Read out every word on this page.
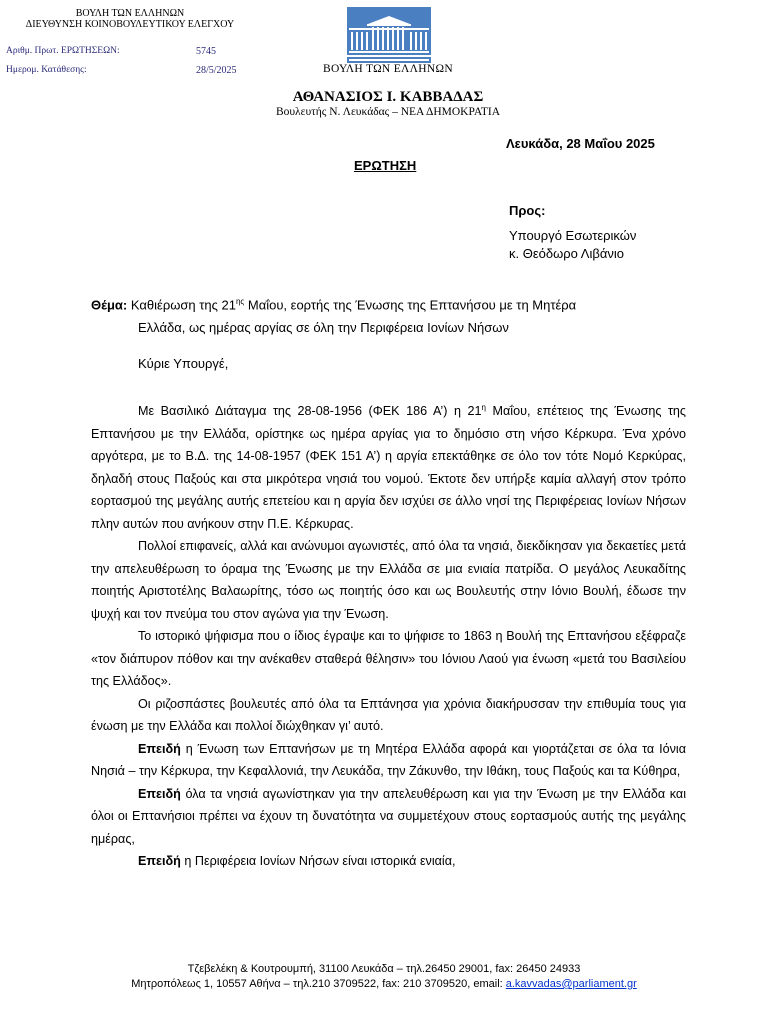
ΒΟΥΛΗ ΤΩΝ ΕΛΛΗΝΩΝ
ΔΙΕΥΘΥΝΣΗ ΚΟΙΝΟΒΟΥΛΕΥΤΙΚΟΥ ΕΛΕΓΧΟΥ
Αριθμ. Πρωτ. ΕΡΩΤΗΣΕΩΝ:	5745
Ημερομ. Κατάθεσης:	28/5/2025	ΒΟΥΛΗ ΤΩΝ ΕΛΛΗΝΩΝ
ΑΘΑΝΑΣΙΟΣ Ι. ΚΑΒΒΑΔΑΣ
Βουλευτής Ν. Λευκάδας – ΝΕΑ ΔΗΜΟΚΡΑΤΙΑ
Λευκάδα, 28 Μαΐου 2025
ΕΡΩΤΗΣΗ
Προς:
Υπουργό Εσωτερικών
κ. Θεόδωρο Λιβάνιο
Θέμα: Καθιέρωση της $21^{\eta\varsigma}$ Μαΐου, εορτής της Ένωσης της Επτανήσου με τη Μητέρα
Ελλάδα, ως ημέρας αργίας σε όλη την Περιφέρεια Ιονίων Νήσων
Κύριε Υπουργέ,

Με Βασιλικό Διάταγμα της 28-08-1956 (ΦΕΚ 186 Α’) η $21^\eta$ Μαΐου, επέτειος της Ένωσης της Επτανήσου με την Ελλάδα, ορίστηκε ως ημέρα αργίας για το δημόσιο στη νήσο Κέρκυρα. Ένα χρόνο αργότερα, με το Β.Δ. της 14-08-1957 (ΦΕΚ 151 Α’) η αργία επεκτάθηκε σε όλο τον τότε Νομό Κερκύρας, δηλαδή στους Παξούς και στα μικρότερα νησιά του νομού. Έκτοτε δεν υπήρξε καμία αλλαγή στον τρόπο εορτασμού της μεγάλης αυτής επετείου και η αργία δεν ισχύει σε άλλο νησί της Περιφέρειας Ιονίων Νήσων πλην αυτών που ανήκουν στην Π.Ε. Κέρκυρας.

Πολλοί επιφανείς, αλλά και ανώνυμοι αγωνιστές, από όλα τα νησιά, διεκδίκησαν για δεκαετίες μετά την απελευθέρωση το όραμα της Ένωσης με την Ελλάδα σε μια ενιαία πατρίδα. Ο μεγάλος Λευκαδίτης ποιητής Αριστοτέλης Βαλαωρίτης, τόσο ως ποιητής όσο και ως Βουλευτής στην Ιόνιο Βουλή, έδωσε την ψυχή και τον πνεύμα του στον αγώνα για την Ένωση.

Το ιστορικό ψήφισμα που ο ίδιος έγραψε και το ψήφισε το 1863 η Βουλή της Επτανήσου εξέφραζε «τον διάπυρον πόθον και την ανέκαθεν σταθερά θέλησιν» του Ιόνιου Λαού για ένωση «μετά του Βασιλείου της Ελλάδος».

Οι ριζοσπάστες βουλευτές από όλα τα Επτάνησα για χρόνια διακήρυσσαν την επιθυμία τους για ένωση με την Ελλάδα και πολλοί διώχθηκαν γι’ αυτό.

Επειδή η Ένωση των Επτανήσων με τη Μητέρα Ελλάδα αφορά και γιορτάζεται σε όλα τα Ιόνια Νησιά – την Κέρκυρα, την Κεφαλλονιά, την Λευκάδα, την Ζάκυνθο, την Ιθάκη, τους Παξούς και τα Κύθηρα,

Επειδή όλα τα νησιά αγωνίστηκαν για την απελευθέρωση και για την Ένωση με την Ελλάδα και όλοι οι Επτανήσιοι πρέπει να έχουν τη δυνατότητα να συμμετέχουν στους εορτασμούς αυτής της μεγάλης ημέρας,

Επειδή η Περιφέρεια Ιονίων Νήσων είναι ιστορικά ενιαία,

Τζεβελέκη & Κουτρουμπή, 31100 Λευκάδα – τηλ.26450 29001, fax: 26450 24933
Μητροπόλεως 1, 10557 Αθήνα – τηλ.210 3709522, fax: 210 3709520, email: a.kavvadas@parliament.gr
